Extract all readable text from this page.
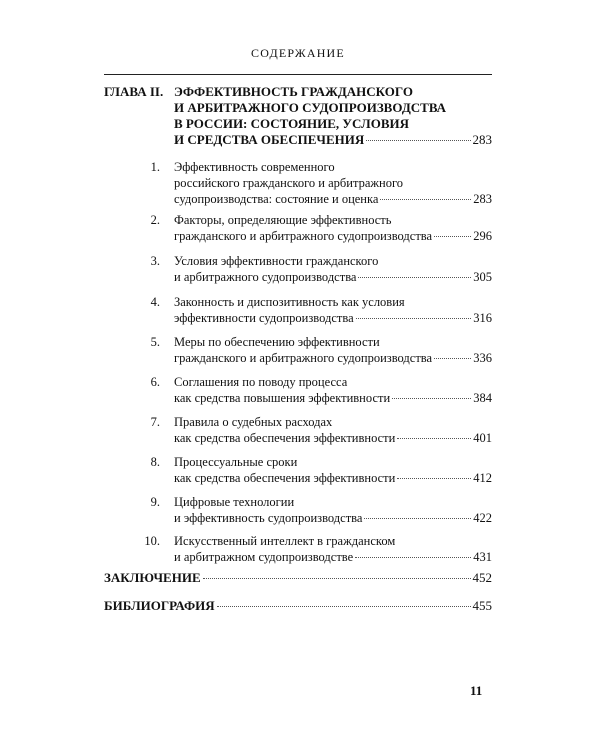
СОДЕРЖАНИЕ
ГЛАВА II. ЭФФЕКТИВНОСТЬ ГРАЖДАНСКОГО
И АРБИТРАЖНОГО СУДОПРОИЗВОДСТВА
В РОССИИ: СОСТОЯНИЕ, УСЛОВИЯ
И СРЕДСТВА ОБЕСПЕЧЕНИЯ	283
1. Эффективность современного
российского гражданского и арбитражного
судопроизводства: состояние и оценка	283
2. Факторы, определяющие эффективность
гражданского и арбитражного судопроизводства	296
3. Условия эффективности гражданского
и арбитражного судопроизводства	305
4. Законность и диспозитивность как условия
эффективности судопроизводства	316
5. Меры по обеспечению эффективности
гражданского и арбитражного судопроизводства	336
6. Соглашения по поводу процесса
как средства повышения эффективности	384
7. Правила о судебных расходах
как средства обеспечения эффективности	401
8. Процессуальные сроки
как средства обеспечения эффективности	412
9. Цифровые технологии
и эффективность судопроизводства	422
10. Искусственный интеллект в гражданском
и арбитражном судопроизводстве	431
ЗАКЛЮЧЕНИЕ	452
БИБЛИОГРАФИЯ	455
11
